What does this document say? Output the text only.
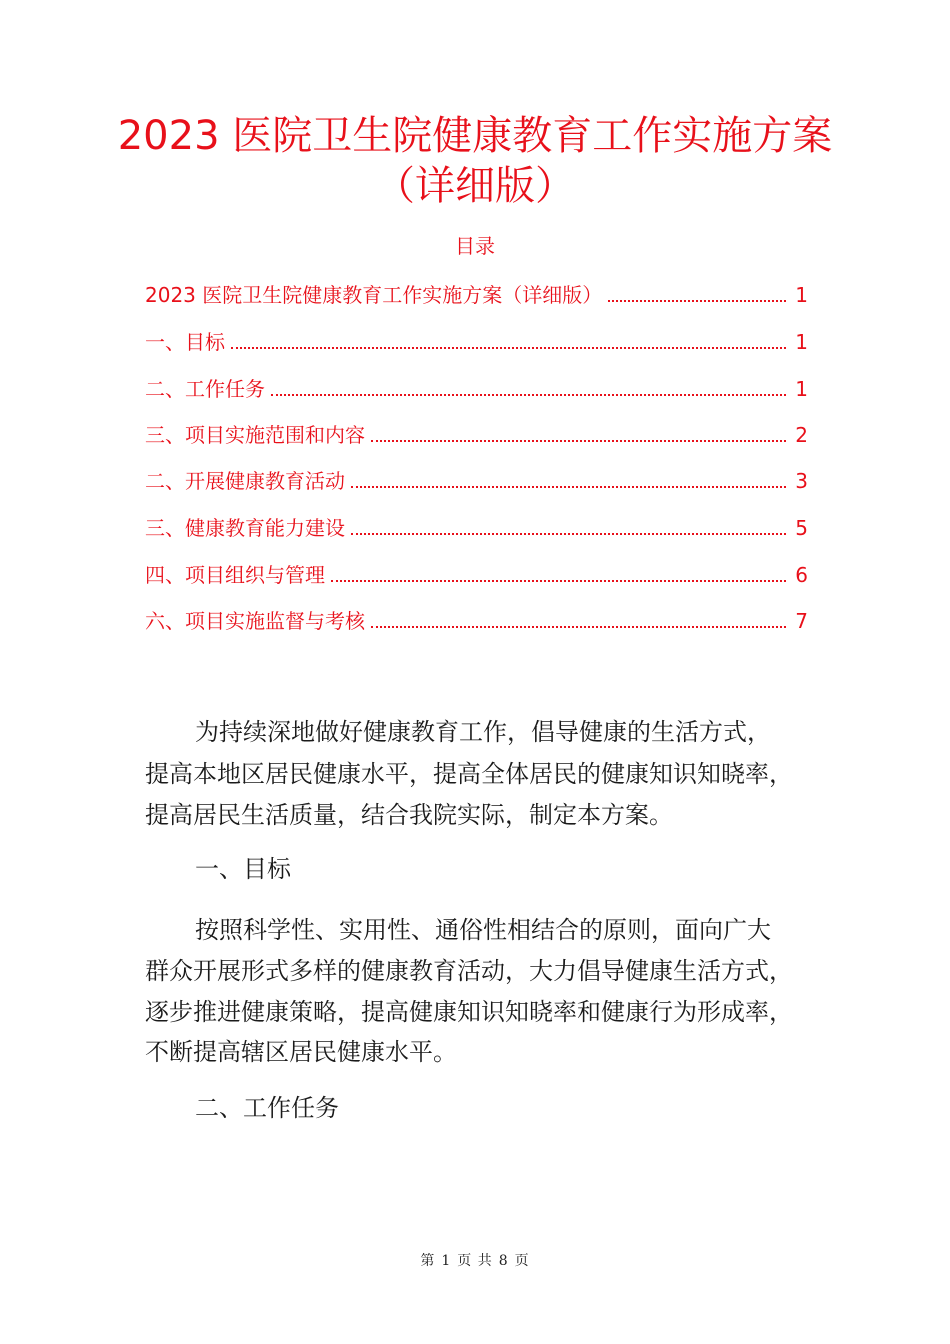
2023 医院卫生院健康教育工作实施方案
（详细版）
目录
2023 医院卫生院健康教育工作实施方案（详细版）	1
一、目标	1
二、工作任务	1
三、项目实施范围和内容	2
二、开展健康教育活动	3
三、健康教育能力建设	5
四、项目组织与管理	6
六、项目实施监督与考核	7

为持续深地做好健康教育工作，倡导健康的生活方式，

提高本地区居民健康水平，提高全体居民的健康知识知晓率，

提高居民生活质量，结合我院实际，制定本方案。

一、目标

按照科学性、实用性、通俗性相结合的原则，面向广大

群众开展形式多样的健康教育活动，大力倡导健康生活方式，

逐步推进健康策略，提高健康知识知晓率和健康行为形成率，

不断提高辖区居民健康水平。

二、工作任务
第 1 页 共 8 页
